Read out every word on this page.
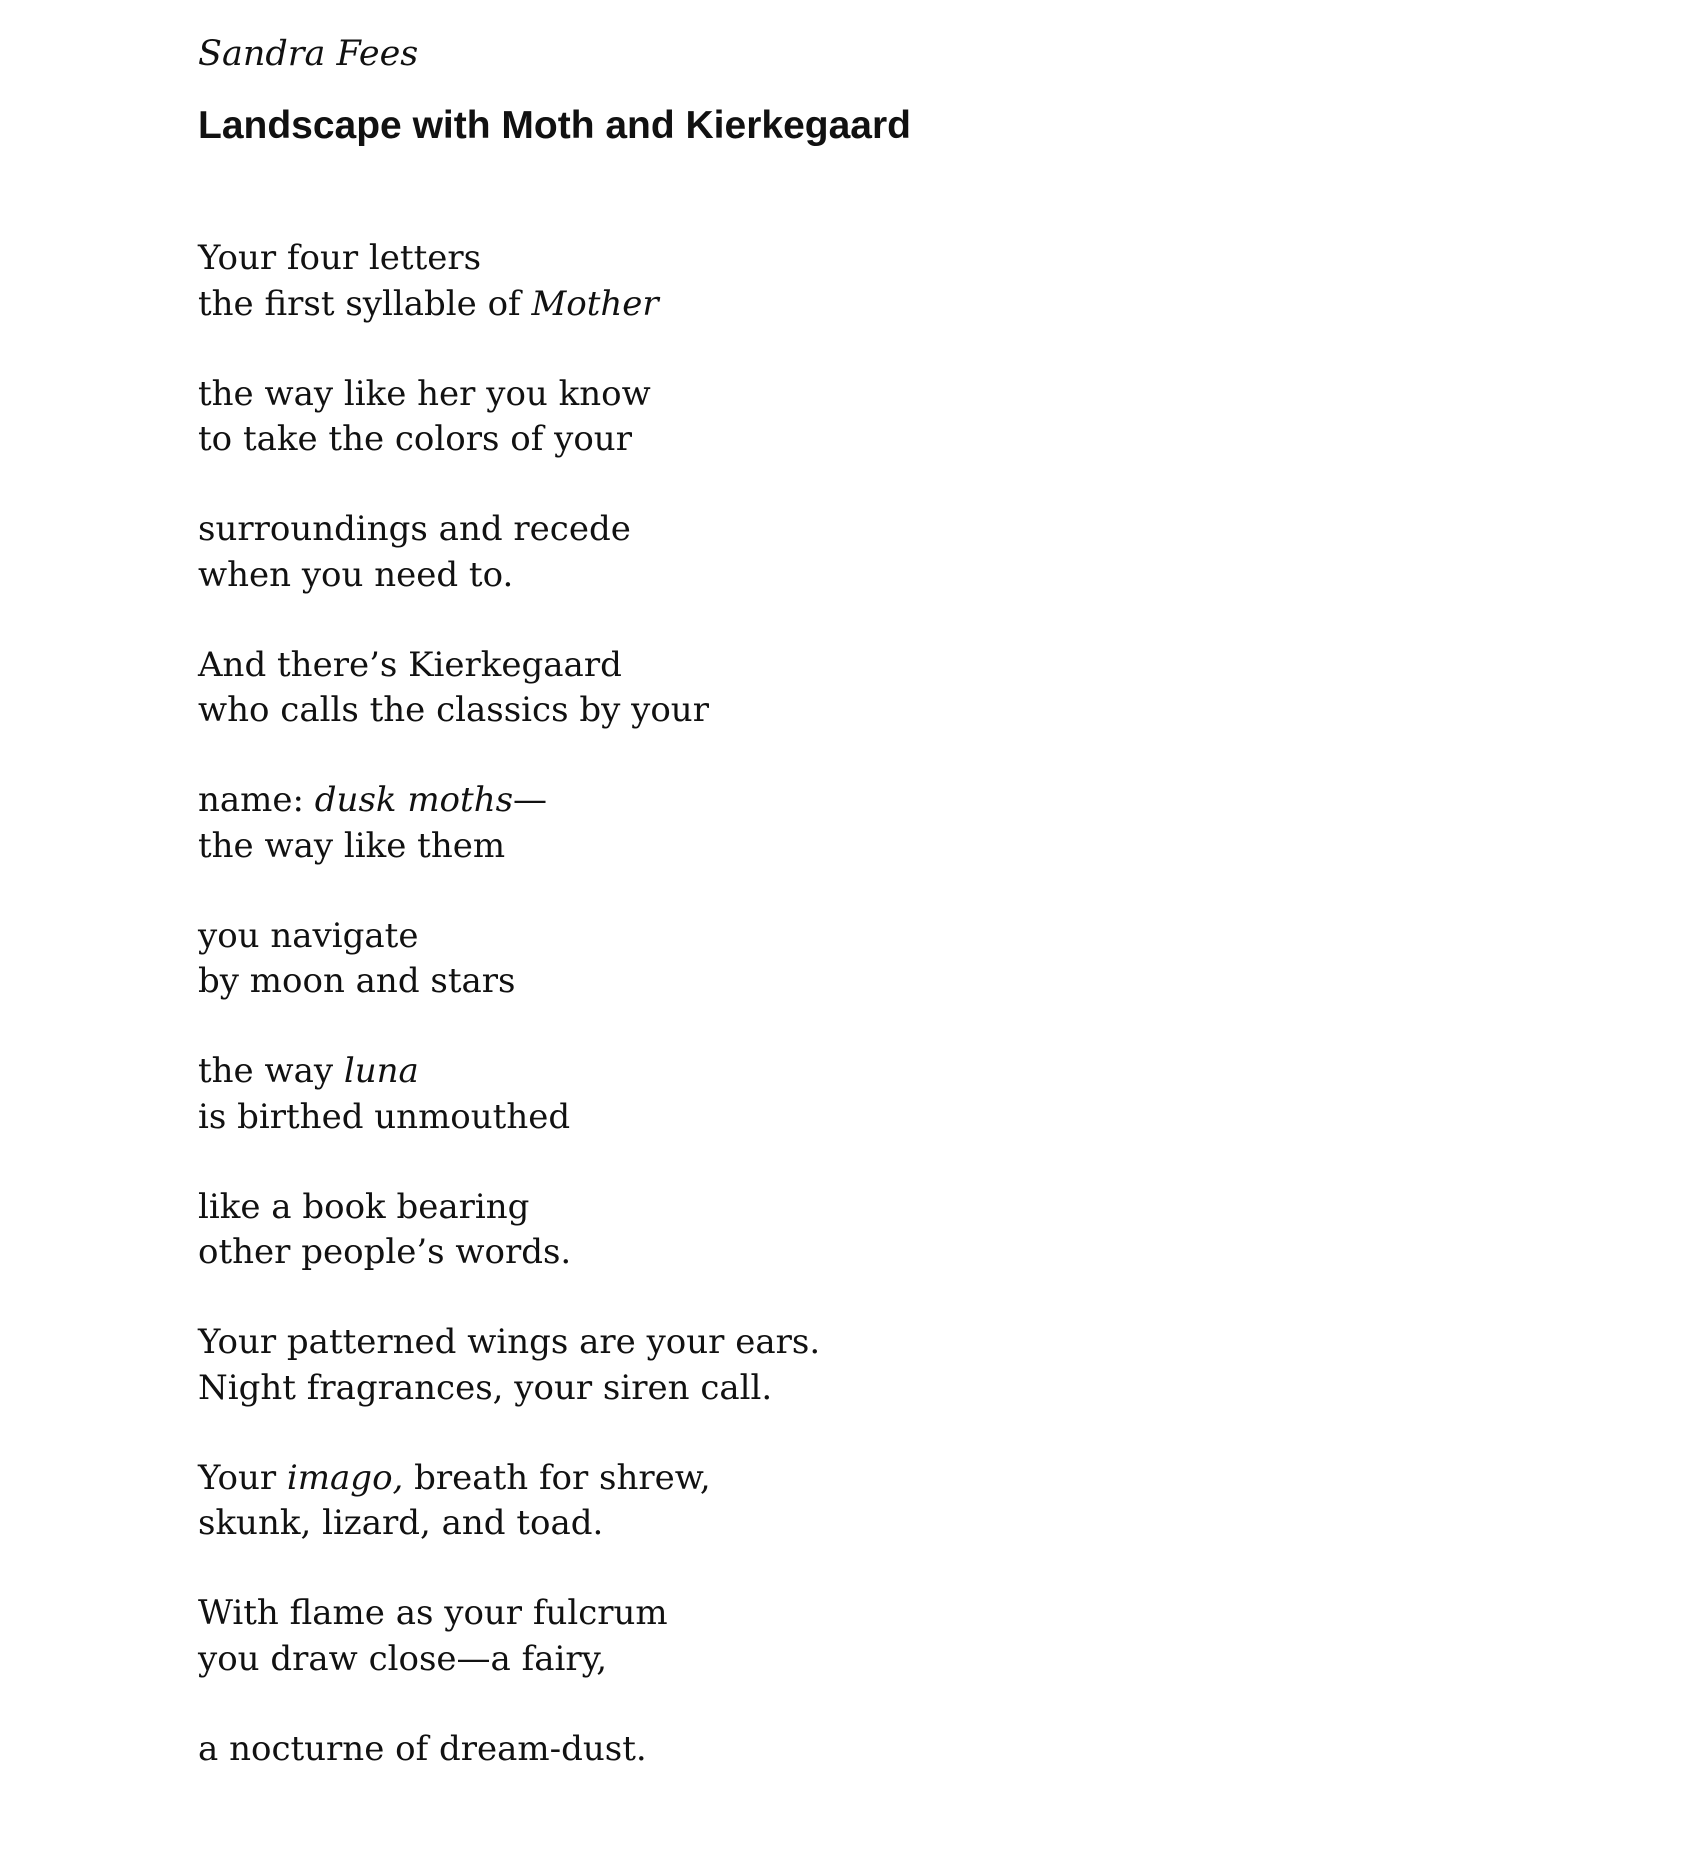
Sandra Fees
Landscape with Moth and Kierkegaard
Your four letters
the first syllable of Mother
the way like her you know
to take the colors of your
surroundings and recede
when you need to.
And there’s Kierkegaard
who calls the classics by your
name: dusk moths—
the way like them
you navigate
by moon and stars
the way luna
is birthed unmouthed
like a book bearing
other people’s words.
Your patterned wings are your ears.
Night fragrances, your siren call.
Your imago, breath for shrew,
skunk, lizard, and toad.
With flame as your fulcrum
you draw close—a fairy,
a nocturne of dream-dust.
